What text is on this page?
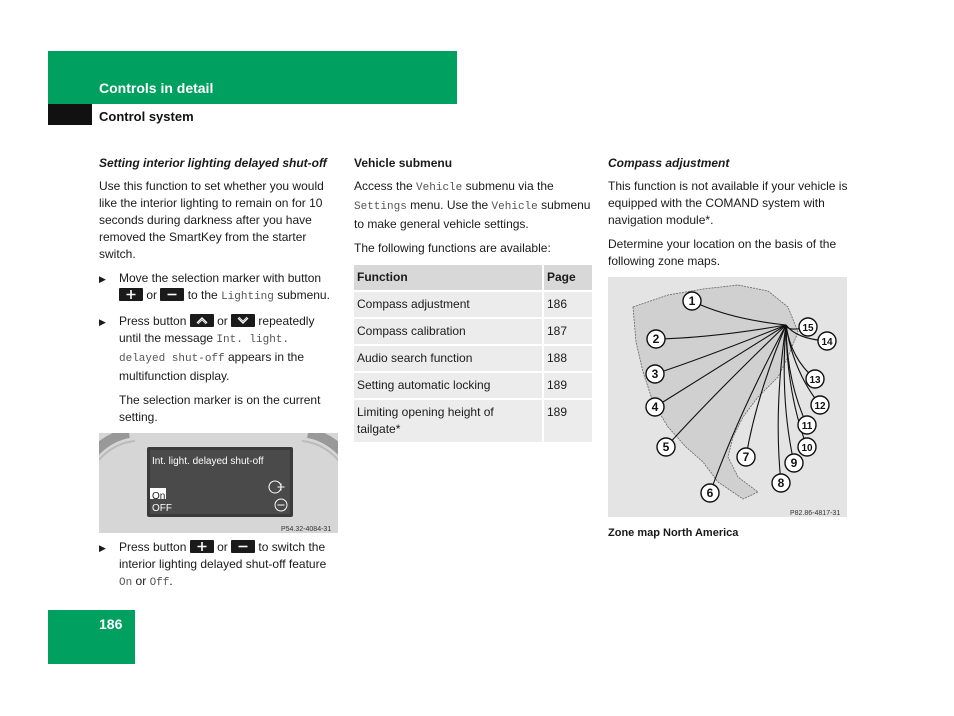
Controls in detail
Control system
Setting interior lighting delayed shut-off

Use this function to set whether you would like the interior lighting to remain on for 10 seconds during darkness after you have removed the SmartKey from the starter switch.

▶ Move the selection marker with button
or	to the Lighting submenu.
▶ Press button	or	repeatedly until the message Int. light. delayed shut-off appears in the multifunction display.

The selection marker is on the current setting.

Int. light. delayed shut-off
On
OFF
P54.32-4084-31
▶ Press button	or	to switch the interior lighting delayed shut-off feature On or Off.
Vehicle submenu

Access the Vehicle submenu via the Settings menu. Use the Vehicle submenu to make general vehicle settings.

The following functions are available:

Function	Page
Compass adjustment	186
Compass calibration	187
Audio search function	188
Setting automatic locking	189
Limiting opening height of tailgate*	189
Compass adjustment

This function is not available if your vehicle is equipped with the COMAND system with navigation module*.

Determine your location on the basis of the following zone maps.

1
2
3
4
5
6
7
8
9
10
11
12
13
14
15
P82.86-4817-31
Zone map North America
186
